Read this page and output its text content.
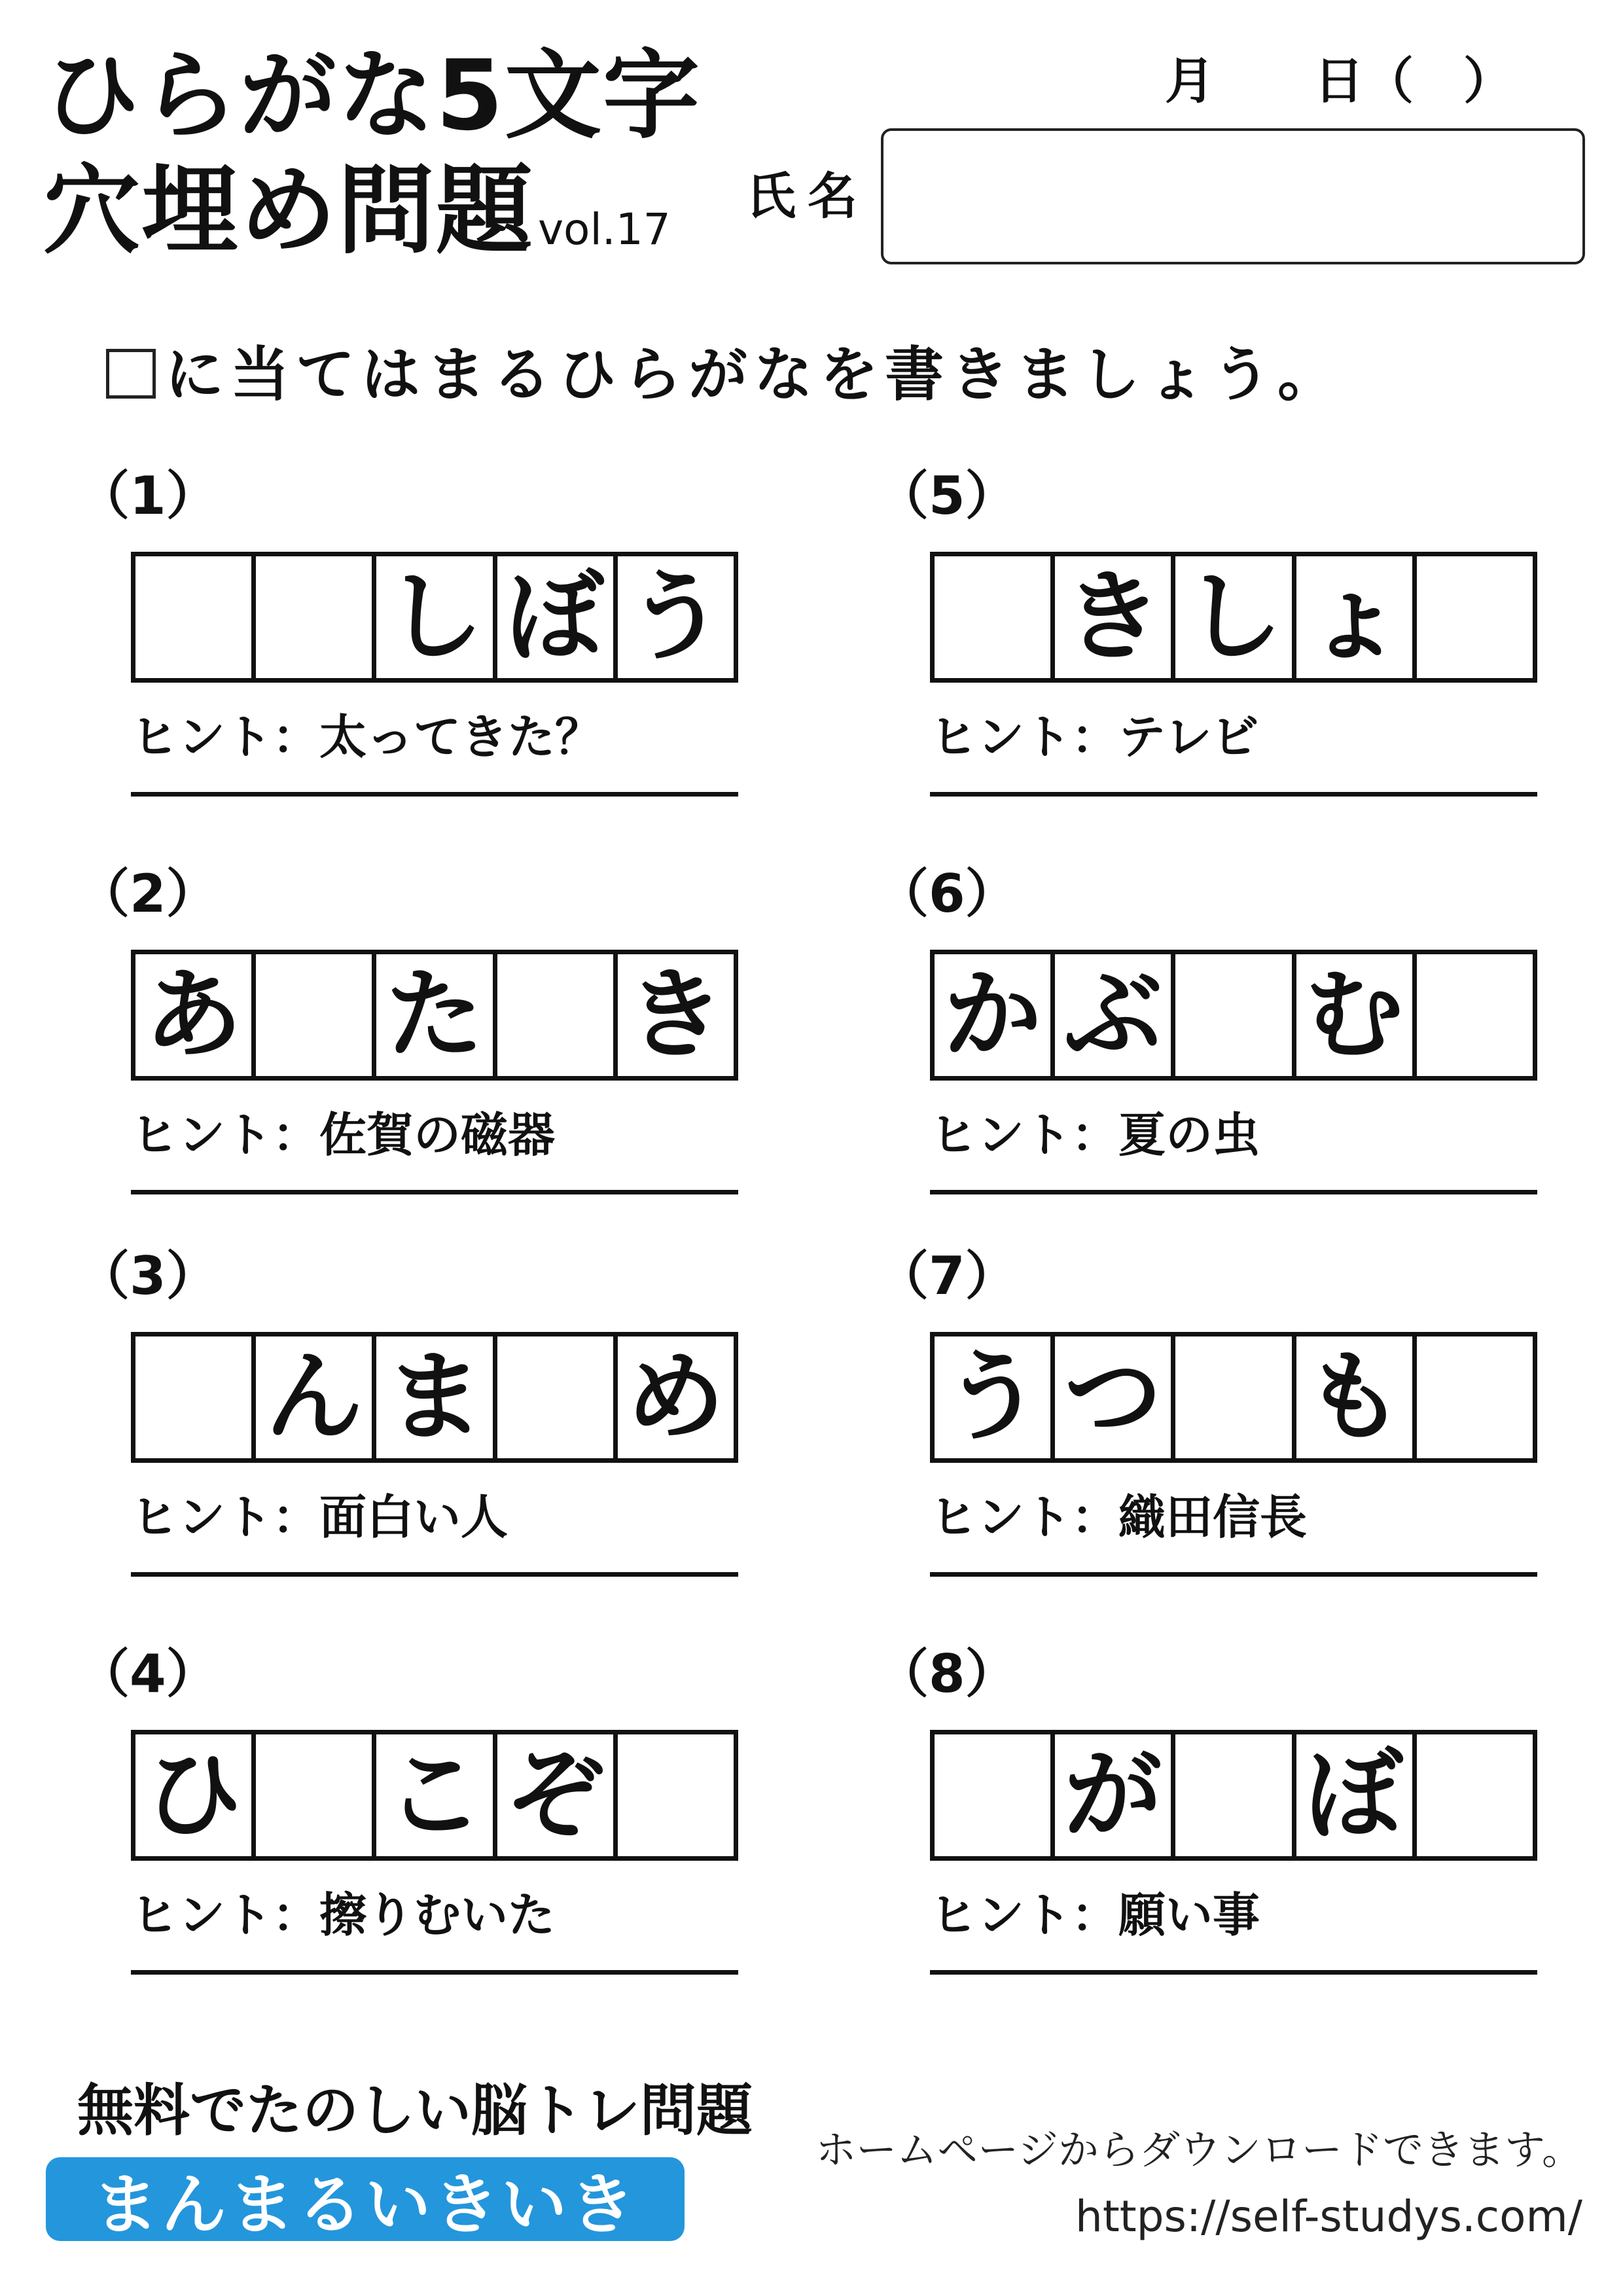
ひらがな5文字
穴埋め問題vol.17
月　　日（　）
氏名
に当てはまるひらがなを書きましょう。
（1）
し ぼ う
ヒント：太ってきた？
（2）
あ た き
ヒント：佐賀の磁器
（3）
ん ま め
ヒント：面白い人
（4）
ひ こ ぞ
ヒント：擦りむいた
（5）
き し ょ
ヒント：テレビ
（6）
か ぶ む
ヒント：夏の虫
（7）
う つ も
ヒント：織田信長
（8）
が ぼ
ヒント：願い事
無料でたのしい脳トレ問題
まんまるいきいき
ホームページからダウンロードできます。
https://self-studys.com/
